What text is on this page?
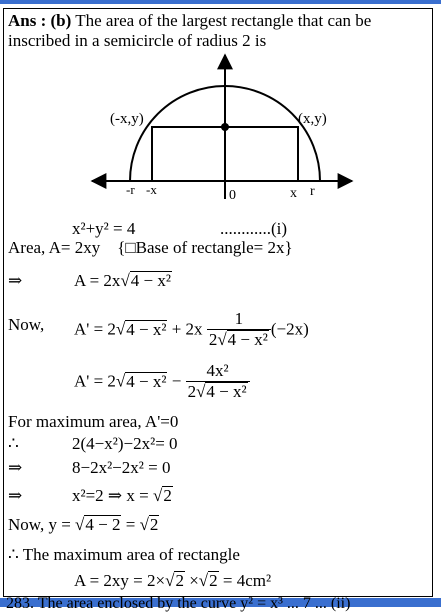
Ans : (b) The area of the largest rectangle that can be
inscribed in a semicircle of radius 2 is
(-x,y)	(x,y)
-r -x	0	x r
x²+y² = 4	............(i)
Area, A= 2xy {□Base of rectangle= 2x}
⇒	A = 2x√4 − x²
Now, $A' = 2√4 - x^2 + 2x \frac{1}{\text{2√4 − x²}} (-2x)$
$A' = 2√4 - x^2 - \frac{\text{4x²}}{\text{2√4 − x²}}$
For maximum area, A'=0
∴	2(4−x²)−2x²= 0
⇒	8−2x²−2x² = 0
⇒	x²=2 ⇒ x = √2
Now, y = √4 − 2 = √2
∴ The maximum area of rectangle
A = 2xy = 2×√2 ×√2 = 4cm²
283. The area enclosed by the curve y² = x³ ... 7 ... (ii)
